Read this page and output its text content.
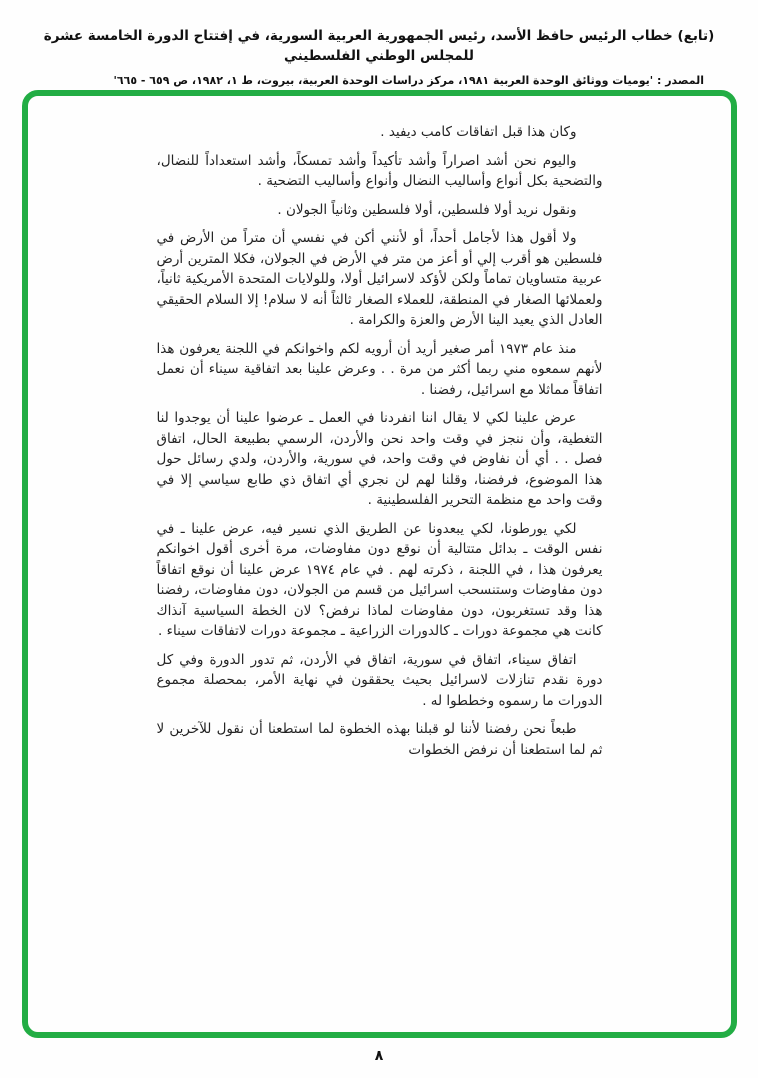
(تابع) خطاب الرئيس حافظ الأسد، رئيس الجمهورية العربية السورية، في إفتتاح الدورة الخامسة عشرة للمجلس الوطني الفلسطيني
المصدر : 'يوميات ووثائق الوحدة العربية ١٩٨١، مركز دراسات الوحدة العربية، بيروت، ط ١، ١٩٨٢، ص ٦٥٩ - ٦٦٥'

وكان هذا قبل اتفاقات كامب ديفيد .

واليوم نحن أشد اصراراً وأشد تأكيداً وأشد تمسكاً، وأشد استعداداً للنضال، والتضحية بكل أنواع وأساليب النضال وأنواع وأساليب التضحية .

ونقول نريد أولا فلسطين، أولا فلسطين وثانياً الجولان .

ولا أقول هذا لأجامل أحداً، أو لأنني أكن في نفسي أن متراً من الأرض في فلسطين هو أقرب إلي أو أعز من متر في الأرض في الجولان، فكلا المترين أرض عربية متساويان تماماً ولكن لأؤكد لاسرائيل أولا، وللولايات المتحدة الأمريكية ثانياً، ولعملائها الصغار في المنطقة، للعملاء الصغار ثالثاً أنه لا سلام! إلا السلام الحقيقي العادل الذي يعيد الينا الأرض والعزة والكرامة .

منذ عام ١٩٧٣ أمر صغير أريد أن أرويه لكم واخوانكم في اللجنة يعرفون هذا لأنهم سمعوه مني ربما أكثر من مرة . . وعرض علينا بعد اتفاقية سيناء أن نعمل اتفاقاً مماثلا مع اسرائيل، رفضنا .

عرض علينا لكي لا يقال اننا انفردنا في العمل ـ عرضوا علينا أن يوجدوا لنا التغطية، وأن ننجز في وقت واحد نحن والأردن، الرسمي بطبيعة الحال، اتفاق فصل . . أي أن نفاوض في وقت واحد، في سورية، والأردن، ولدي رسائل حول هذا الموضوع، فرفضنا، وقلنا لهم لن نجري أي اتفاق ذي طابع سياسي إلا في وقت واحد مع منظمة التحرير الفلسطينية .

لكي يورطونا، لكي يبعدونا عن الطريق الذي نسير فيه، عرض علينا ـ في نفس الوقت ـ بدائل متتالية أن نوقع دون مفاوضات، مرة أخرى أقول اخوانكم يعرفون هذا ، في اللجنة ، ذكرته لهم . في عام ١٩٧٤ عرض علينا أن نوقع اتفاقاً دون مفاوضات وستنسحب اسرائيل من قسم من الجولان، دون مفاوضات، رفضنا هذا وقد تستغربون، دون مفاوضات لماذا نرفض؟ لان الخطة السياسية آنذاك كانت هي مجموعة دورات ـ كالدورات الزراعية ـ مجموعة دورات لاتفاقات سيناء .

اتفاق سيناء، اتفاق في سورية، اتفاق في الأردن، ثم تدور الدورة وفي كل دورة نقدم تنازلات لاسرائيل بحيث يحققون في نهاية الأمر، بمحصلة مجموع الدورات ما رسموه وخططوا له .

طبعاً نحن رفضنا لأننا لو قبلنا بهذه الخطوة لما استطعنا أن نقول للآخرين لا ثم لما استطعنا أن نرفض الخطوات

٨
